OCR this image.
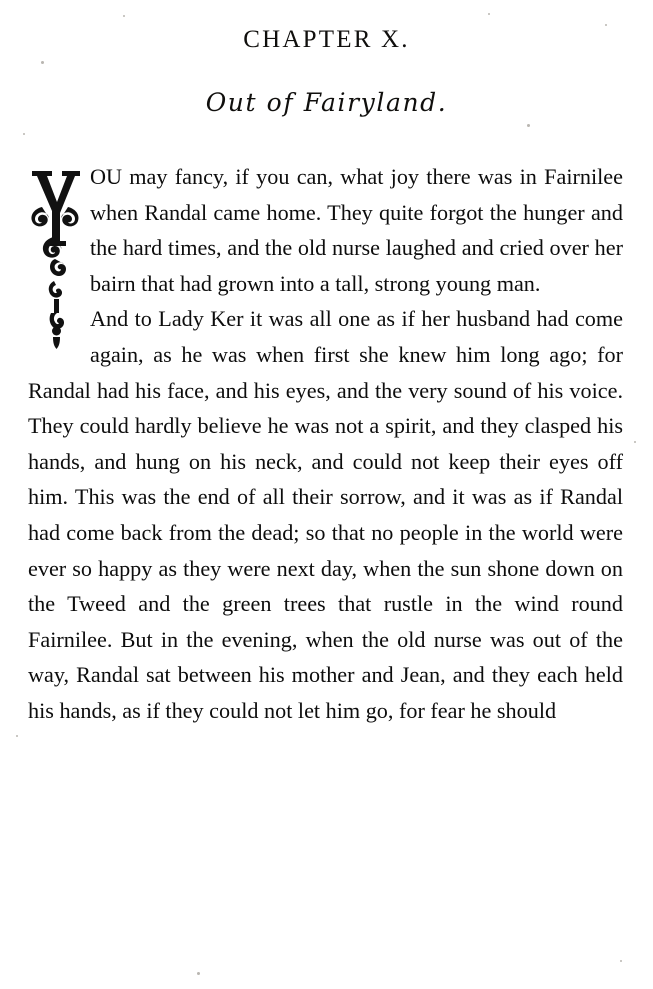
CHAPTER X.
Out of Fairyland.
OU may fancy, if you can, what joy there was in Fairnilee when Randal came home. They quite forgot the hunger and the hard times, and the old nurse laughed and cried over her bairn that had grown into a tall, strong young man.
And to Lady Ker it was all one as if her husband had come again, as he was when first she knew him long ago; for Randal had his face, and his eyes, and the very sound of his voice. They could hardly believe he was not a spirit, and they clasped his hands, and hung on his neck, and could not keep their eyes off him. This was the end of all their sorrow, and it was as if Randal had come back from the dead; so that no people in the world were ever so happy as they were next day, when the sun shone down on the Tweed and the green trees that rustle in the wind round Fairnilee. But in the evening, when the old nurse was out of the way, Randal sat between his mother and Jean, and they each held his hands, as if they could not let him go, for fear he should
